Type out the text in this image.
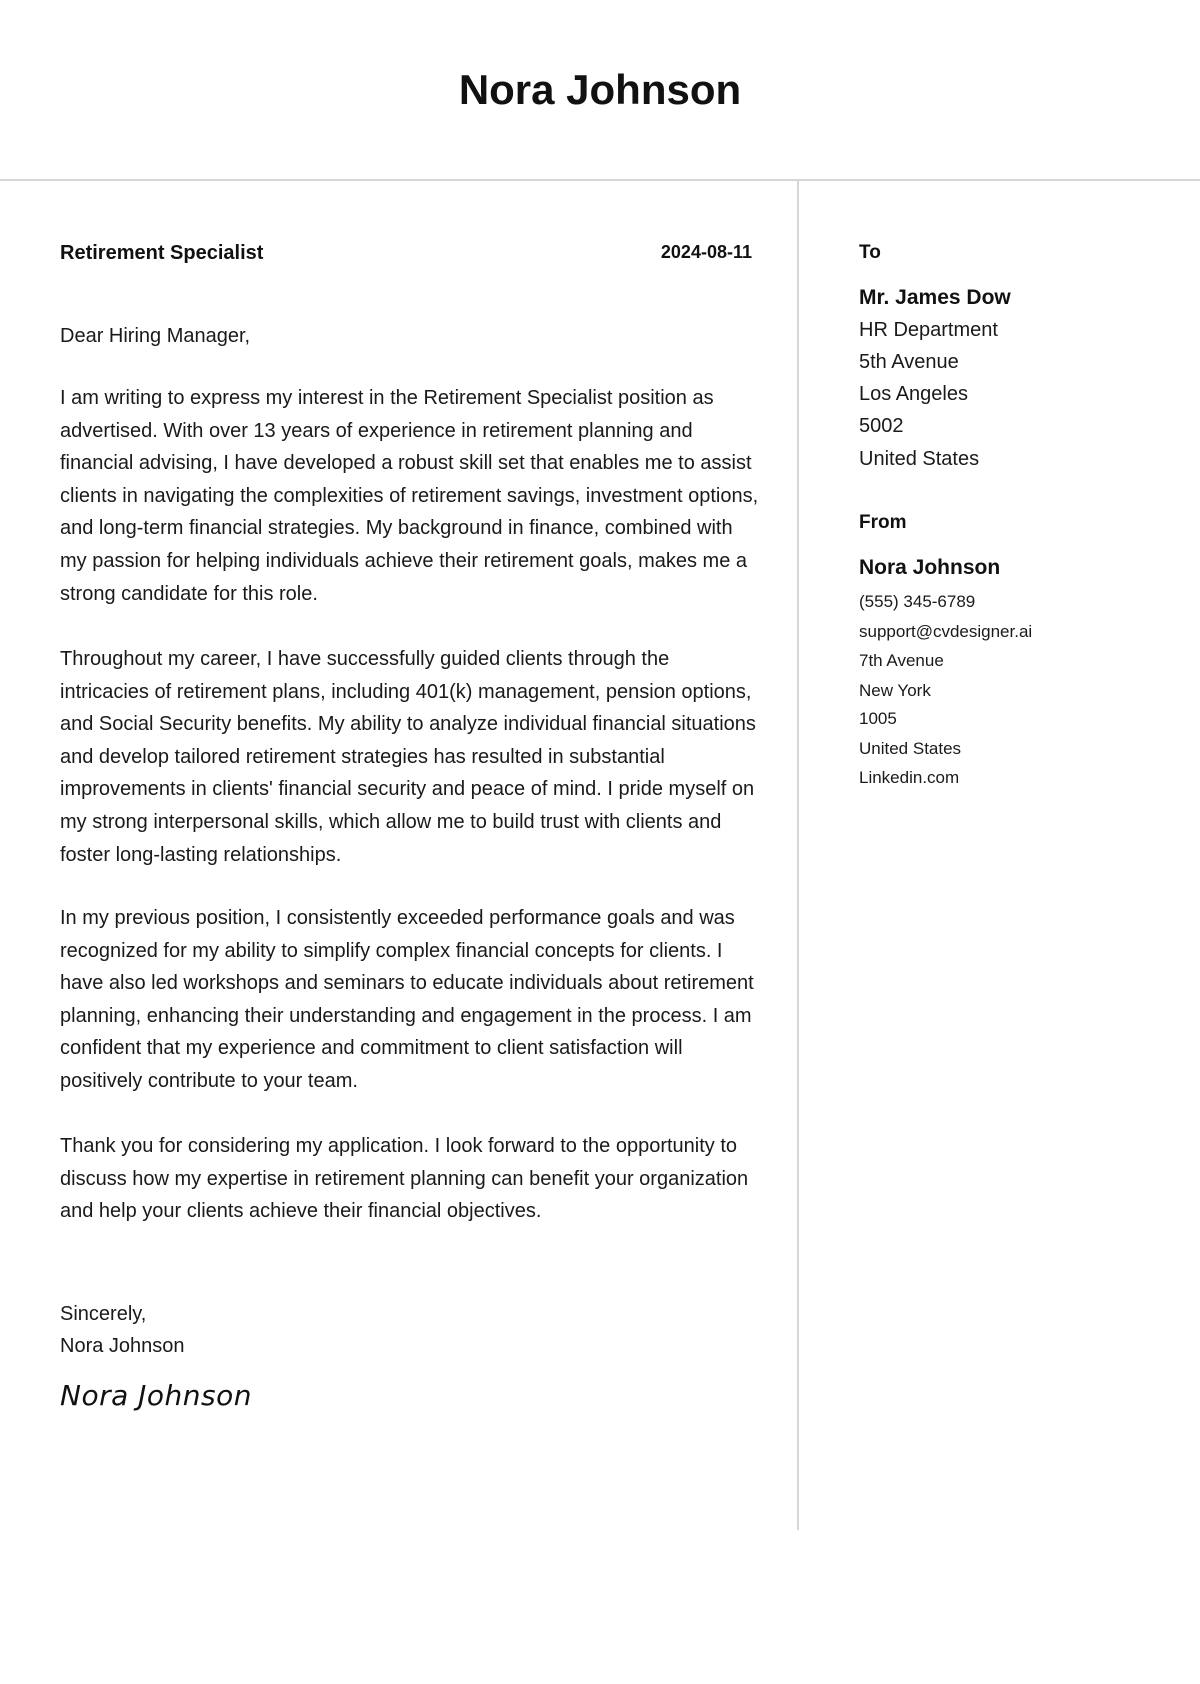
Nora Johnson
Retirement Specialist	2024-08-11
Dear Hiring Manager,

I am writing to express my interest in the Retirement Specialist position as advertised. With over 13 years of experience in retirement planning and financial advising, I have developed a robust skill set that enables me to assist clients in navigating the complexities of retirement savings, investment options, and long-term financial strategies. My background in finance, combined with my passion for helping individuals achieve their retirement goals, makes me a strong candidate for this role.

Throughout my career, I have successfully guided clients through the intricacies of retirement plans, including 401(k) management, pension options, and Social Security benefits. My ability to analyze individual financial situations and develop tailored retirement strategies has resulted in substantial improvements in clients' financial security and peace of mind. I pride myself on my strong interpersonal skills, which allow me to build trust with clients and foster long-lasting relationships.

In my previous position, I consistently exceeded performance goals and was recognized for my ability to simplify complex financial concepts for clients. I have also led workshops and seminars to educate individuals about retirement planning, enhancing their understanding and engagement in the process. I am confident that my experience and commitment to client satisfaction will positively contribute to your team.

Thank you for considering my application. I look forward to the opportunity to discuss how my expertise in retirement planning can benefit your organization and help your clients achieve their financial objectives.

Sincerely,
Nora Johnson
Nora Johnson
To
Mr. James Dow
HR Department
5th Avenue
Los Angeles
5002
United States
From
Nora Johnson
(555) 345-6789
support@cvdesigner.ai
7th Avenue
New York
1005
United States
Linkedin.com
